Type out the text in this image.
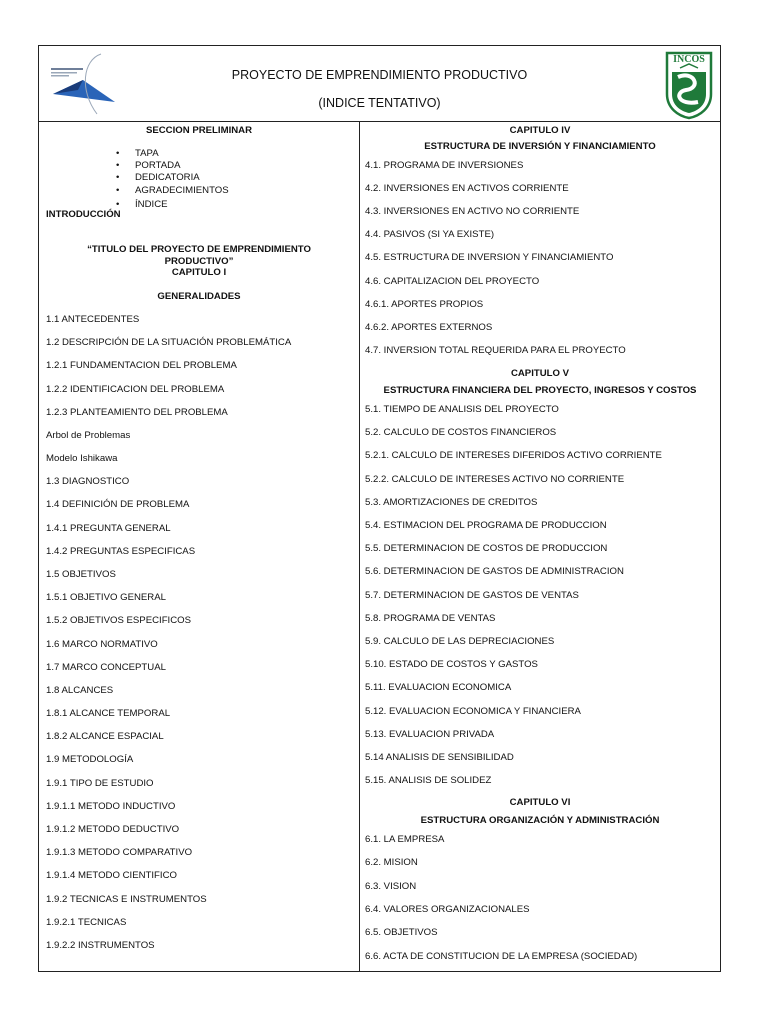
PROYECTO DE EMPRENDIMIENTO PRODUCTIVO
(INDICE TENTATIVO)
INCOS
SECCION PRELIMINAR
• TAPA
• PORTADA
• DEDICATORIA
• AGRADECIMIENTOS
• ÍNDICE
INTRODUCCIÓN
“TITULO DEL PROYECTO DE EMPRENDIMIENTO
PRODUCTIVO”
CAPITULO I
GENERALIDADES
1.1 ANTECEDENTES
1.2 DESCRIPCIÓN DE LA SITUACIÓN PROBLEMÁTICA
1.2.1 FUNDAMENTACION DEL PROBLEMA
1.2.2 IDENTIFICACION DEL PROBLEMA
1.2.3 PLANTEAMIENTO DEL PROBLEMA
Arbol de Problemas
Modelo Ishikawa
1.3 DIAGNOSTICO
1.4 DEFINICIÓN DE PROBLEMA
1.4.1 PREGUNTA GENERAL
1.4.2 PREGUNTAS ESPECIFICAS
1.5 OBJETIVOS
1.5.1 OBJETIVO GENERAL
1.5.2 OBJETIVOS ESPECIFICOS
1.6 MARCO NORMATIVO
1.7 MARCO CONCEPTUAL
1.8 ALCANCES
1.8.1 ALCANCE TEMPORAL
1.8.2 ALCANCE ESPACIAL
1.9 METODOLOGÍA
1.9.1 TIPO DE ESTUDIO
1.9.1.1 METODO INDUCTIVO
1.9.1.2 METODO DEDUCTIVO
1.9.1.3 METODO COMPARATIVO
1.9.1.4 METODO CIENTIFICO
1.9.2 TECNICAS E INSTRUMENTOS
1.9.2.1 TECNICAS
1.9.2.2 INSTRUMENTOS
CAPITULO IV
ESTRUCTURA DE INVERSIÓN Y FINANCIAMIENTO
4.1. PROGRAMA DE INVERSIONES
4.2. INVERSIONES EN ACTIVOS CORRIENTE
4.3. INVERSIONES EN ACTIVO NO CORRIENTE
4.4. PASIVOS (SI YA EXISTE)
4.5. ESTRUCTURA DE INVERSION Y FINANCIAMIENTO
4.6. CAPITALIZACION DEL PROYECTO
4.6.1. APORTES PROPIOS
4.6.2. APORTES EXTERNOS
4.7. INVERSION TOTAL REQUERIDA PARA EL PROYECTO
CAPITULO V
ESTRUCTURA FINANCIERA DEL PROYECTO, INGRESOS Y COSTOS
5.1. TIEMPO DE ANALISIS DEL PROYECTO
5.2. CALCULO DE COSTOS FINANCIEROS
5.2.1. CALCULO DE INTERESES DIFERIDOS ACTIVO CORRIENTE
5.2.2. CALCULO DE INTERESES ACTIVO NO CORRIENTE
5.3. AMORTIZACIONES DE CREDITOS
5.4. ESTIMACION DEL PROGRAMA DE PRODUCCION
5.5. DETERMINACION DE COSTOS DE PRODUCCION
5.6. DETERMINACION DE GASTOS DE ADMINISTRACION
5.7. DETERMINACION DE GASTOS DE VENTAS
5.8. PROGRAMA DE VENTAS
5.9. CALCULO DE LAS DEPRECIACIONES
5.10. ESTADO DE COSTOS Y GASTOS
5.11. EVALUACION ECONOMICA
5.12. EVALUACION ECONOMICA Y FINANCIERA
5.13. EVALUACION PRIVADA
5.14 ANALISIS DE SENSIBILIDAD
5.15. ANALISIS DE SOLIDEZ
CAPITULO VI
ESTRUCTURA ORGANIZACIÓN Y ADMINISTRACIÓN
6.1. LA EMPRESA
6.2. MISION
6.3. VISION
6.4. VALORES ORGANIZACIONALES
6.5. OBJETIVOS
6.6. ACTA DE CONSTITUCION DE LA EMPRESA (SOCIEDAD)
